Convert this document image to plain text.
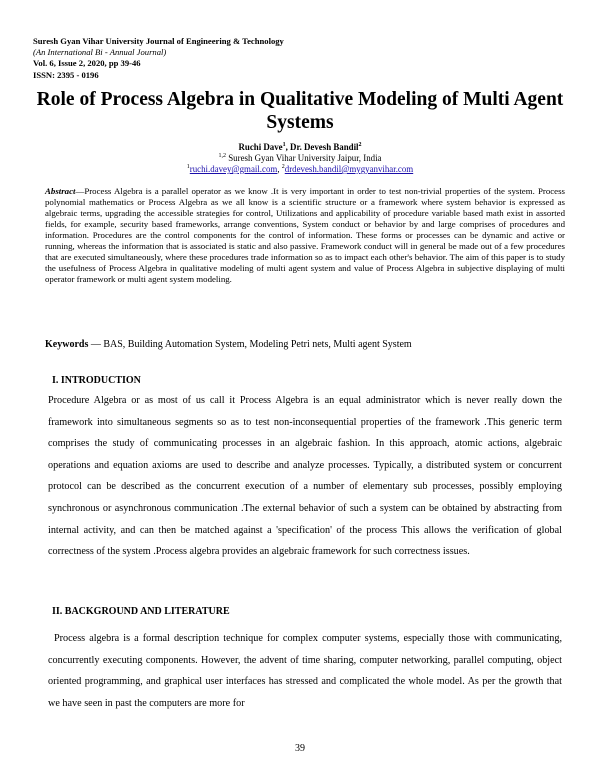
Suresh Gyan Vihar University Journal of Engineering & Technology
(An International Bi - Annual Journal)
Vol. 6, Issue 2, 2020, pp 39-46
ISSN: 2395 - 0196
Role of Process Algebra in Qualitative Modeling of Multi Agent Systems
Ruchi Dave$^1$, Dr. Devesh Bandil$^2$
$^{1,2}$ Suresh Gyan Vihar University Jaipur, India
$^1$ruchi.davey@gmail.com, $^2$drdevesh.bandil@mygyanvihar.com
Abstract—Process Algebra is a parallel operator as we know .It is very important in order to test non-trivial properties of the system. Process polynomial mathematics or Process Algebra as we all know is a scientific structure or a framework where system behavior is expressed as algebraic terms, upgrading the accessible strategies for control, Utilizations and applicability of procedure variable based math exist in assorted fields, for example, security based frameworks, arrange conventions, System conduct or behavior by and large comprises of procedures and information. Procedures are the control components for the control of information. These forms or processes can be dynamic and active or running, whereas the information that is associated is static and also passive. Framework conduct will in general be made out of a few procedures that are executed simultaneously, where these procedures trade information so as to impact each other's behavior. The aim of this paper is to study the usefulness of Process Algebra in qualitative modeling of multi agent system and value of Process Algebra in subjective displaying of multi operator framework or multi agent system modeling.
Keywords — BAS, Building Automation System, Modeling Petri nets, Multi agent System
I. INTRODUCTION
Procedure Algebra or as most of us call it Process Algebra is an equal administrator which is never really down the framework into simultaneous segments so as to test non-inconsequential properties of the framework .This generic term comprises the study of communicating processes in an algebraic fashion. In this approach, atomic actions, algebraic operations and equation axioms are used to describe and analyze processes. Typically, a distributed system or concurrent protocol can be described as the concurrent execution of a number of elementary sub processes, possibly employing synchronous or asynchronous communication .The external behavior of such a system can be obtained by abstracting from internal activity, and can then be matched against a 'specification' of the process This allows the verification of global correctness of the system .Process algebra provides an algebraic framework for such correctness issues.
II. BACKGROUND AND LITERATURE
Process algebra is a formal description technique for complex computer systems, especially those with communicating, concurrently executing components. However, the advent of time sharing, computer networking, parallel computing, object oriented programming, and graphical user interfaces has stressed and complicated the whole model. As per the growth that we have seen in past the computers are more for
39
